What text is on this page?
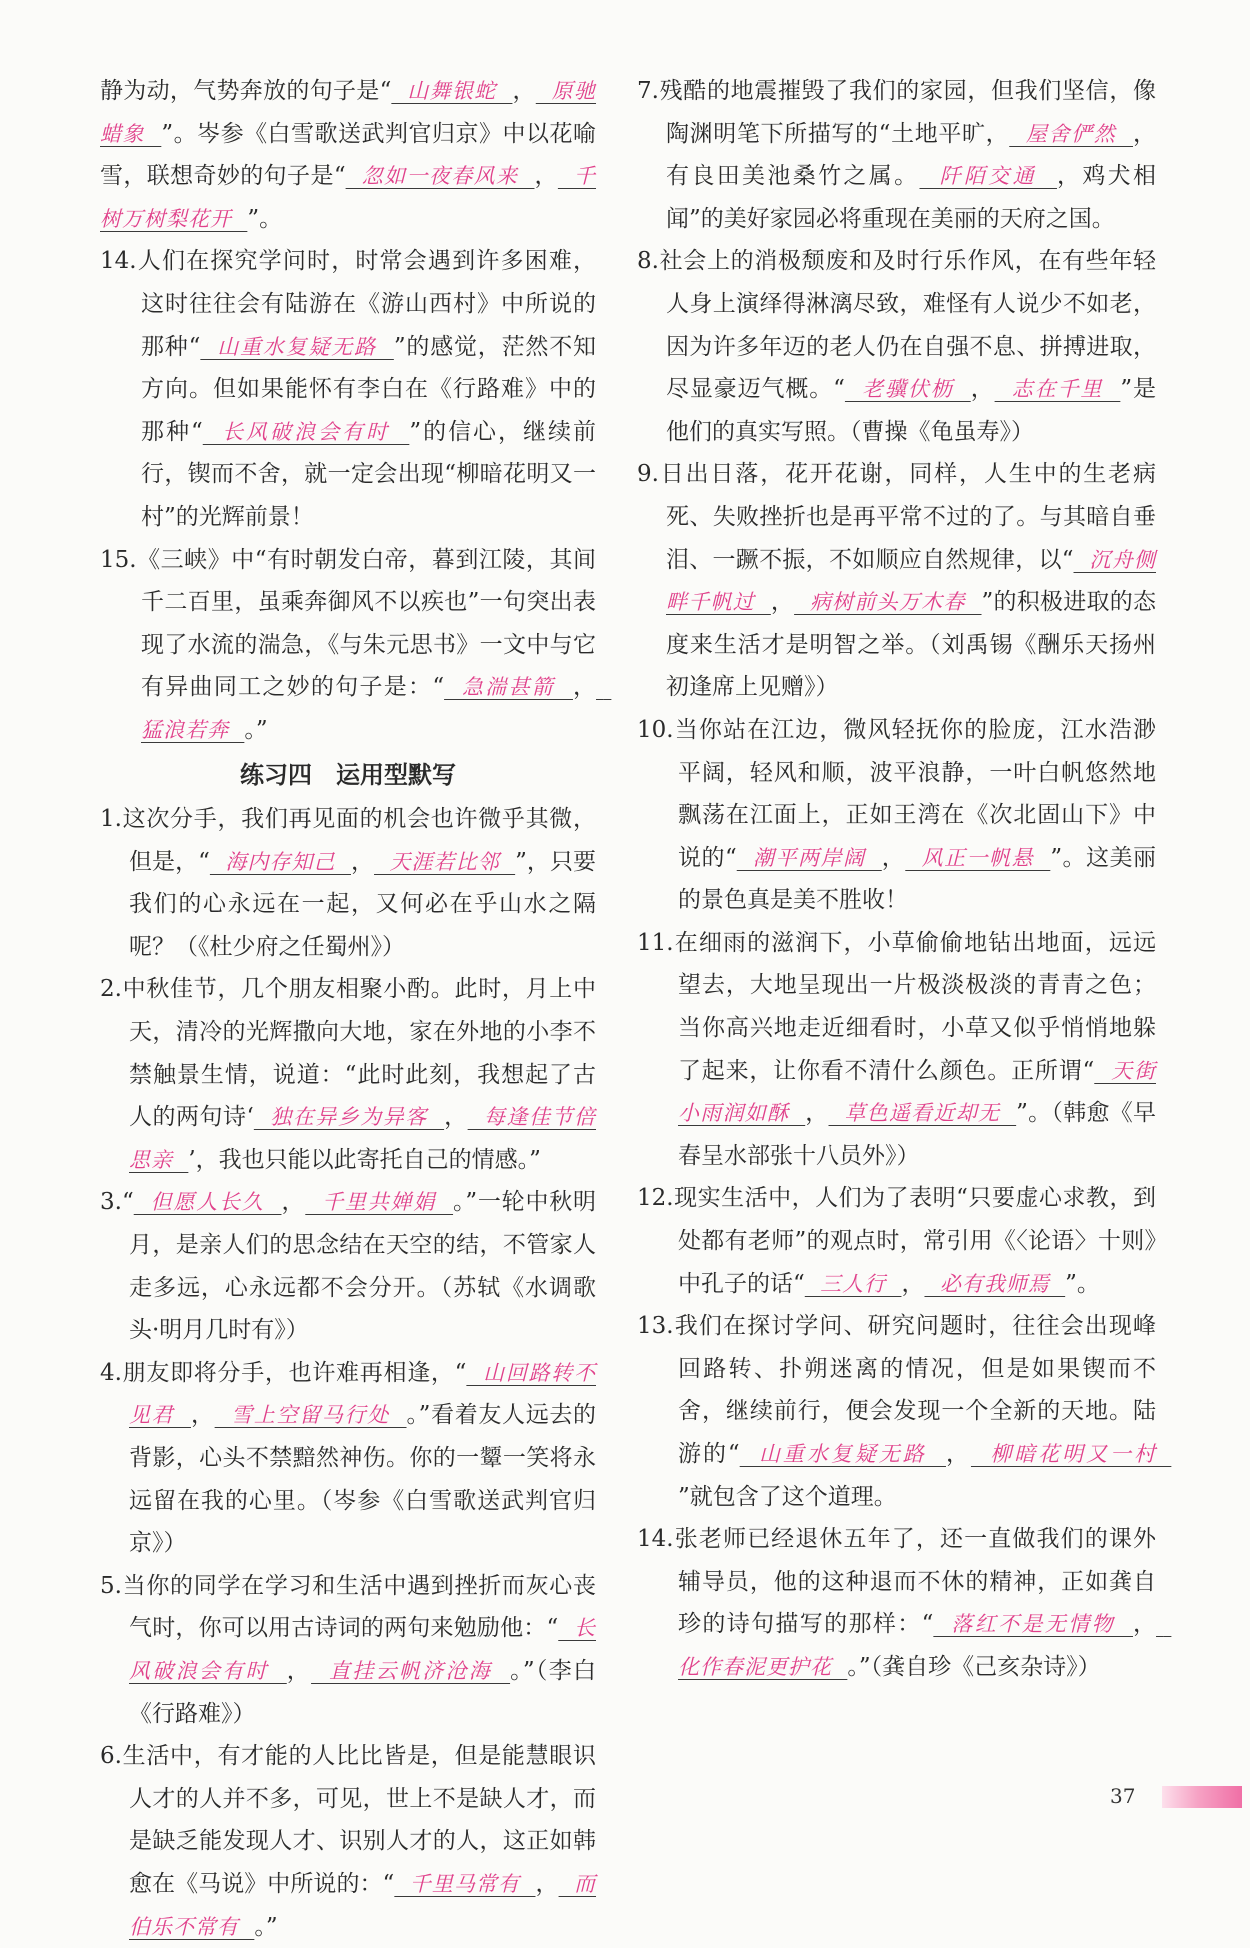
静为动，气势奔放的句子是“  山舞银蛇  ，  原驰蜡象  ”。岑参《白雪歌送武判官归京》中以花喻雪，联想奇妙的句子是“  忽如一夜春风来  ，  千树万树梨花开  ”。
14.人们在探究学问时，时常会遇到许多困难，这时往往会有陆游在《游山西村》中所说的那种“  山重水复疑无路  ”的感觉，茫然不知方向。但如果能怀有李白在《行路难》中的那种“  长风破浪会有时  ”的信心，继续前行，锲而不舍，就一定会出现“柳暗花明又一村”的光辉前景！
15.《三峡》中“有时朝发白帝，暮到江陵，其间千二百里，虽乘奔御风不以疾也”一句突出表现了水流的湍急，《与朱元思书》一文中与它有异曲同工之妙的句子是：“  急湍甚箭  ，  猛浪若奔  。”
练习四　运用型默写
1.这次分手，我们再见面的机会也许微乎其微，但是，“  海内存知己  ，  天涯若比邻  ”，只要我们的心永远在一起，又何必在乎山水之隔呢？（《杜少府之任蜀州》）
2.中秋佳节，几个朋友相聚小酌。此时，月上中天，清冷的光辉撒向大地，家在外地的小李不禁触景生情，说道：“此时此刻，我想起了古人的两句诗‘  独在异乡为异客  ，  每逢佳节倍思亲  ’，我也只能以此寄托自己的情感。”
3.“  但愿人长久  ，  千里共婵娟  。”一轮中秋明月，是亲人们的思念结在天空的结，不管家人走多远，心永远都不会分开。（苏轼《水调歌头·明月几时有》）
4.朋友即将分手，也许难再相逢，“  山回路转不见君  ，  雪上空留马行处  。”看着友人远去的背影，心头不禁黯然神伤。你的一颦一笑将永远留在我的心里。（岑参《白雪歌送武判官归京》）
5.当你的同学在学习和生活中遇到挫折而灰心丧气时，你可以用古诗词的两句来勉励他：“  长风破浪会有时  ，  直挂云帆济沧海  。”（李白《行路难》）
6.生活中，有才能的人比比皆是，但是能慧眼识人才的人并不多，可见，世上不是缺人才，而是缺乏能发现人才、识别人才的人，这正如韩愈在《马说》中所说的：“  千里马常有  ，  而伯乐不常有  。”
7.残酷的地震摧毁了我们的家园，但我们坚信，像陶渊明笔下所描写的“土地平旷，  屋舍俨然  ，有良田美池桑竹之属。  阡陌交通  ，鸡犬相闻”的美好家园必将重现在美丽的天府之国。
8.社会上的消极颓废和及时行乐作风，在有些年轻人身上演绎得淋漓尽致，难怪有人说少不如老，因为许多年迈的老人仍在自强不息、拼搏进取，尽显豪迈气概。“  老骥伏枥  ，  志在千里  ”是他们的真实写照。（曹操《龟虽寿》）
9.日出日落，花开花谢，同样，人生中的生老病死、失败挫折也是再平常不过的了。与其暗自垂泪、一蹶不振，不如顺应自然规律，以“  沉舟侧畔千帆过  ，  病树前头万木春  ”的积极进取的态度来生活才是明智之举。（刘禹锡《酬乐天扬州初逢席上见赠》）
10.当你站在江边，微风轻抚你的脸庞，江水浩渺平阔，轻风和顺，波平浪静，一叶白帆悠然地飘荡在江面上，正如王湾在《次北固山下》中说的“  潮平两岸阔  ，  风正一帆悬  ”。这美丽的景色真是美不胜收！
11.在细雨的滋润下，小草偷偷地钻出地面，远远望去，大地呈现出一片极淡极淡的青青之色；当你高兴地走近细看时，小草又似乎悄悄地躲了起来，让你看不清什么颜色。正所谓“  天街小雨润如酥  ，  草色遥看近却无  ”。（韩愈《早春呈水部张十八员外》）
12.现实生活中，人们为了表明“只要虚心求教，到处都有老师”的观点时，常引用《〈论语〉十则》中孔子的话“  三人行  ，  必有我师焉  ”。
13.我们在探讨学问、研究问题时，往往会出现峰回路转、扑朔迷离的情况，但是如果锲而不舍，继续前行，便会发现一个全新的天地。陆游的“  山重水复疑无路  ，  柳暗花明又一村  ”就包含了这个道理。
14.张老师已经退休五年了，还一直做我们的课外辅导员，他的这种退而不休的精神，正如龚自珍的诗句描写的那样：“  落红不是无情物  ，  化作春泥更护花  。”（龚自珍《己亥杂诗》）
37
